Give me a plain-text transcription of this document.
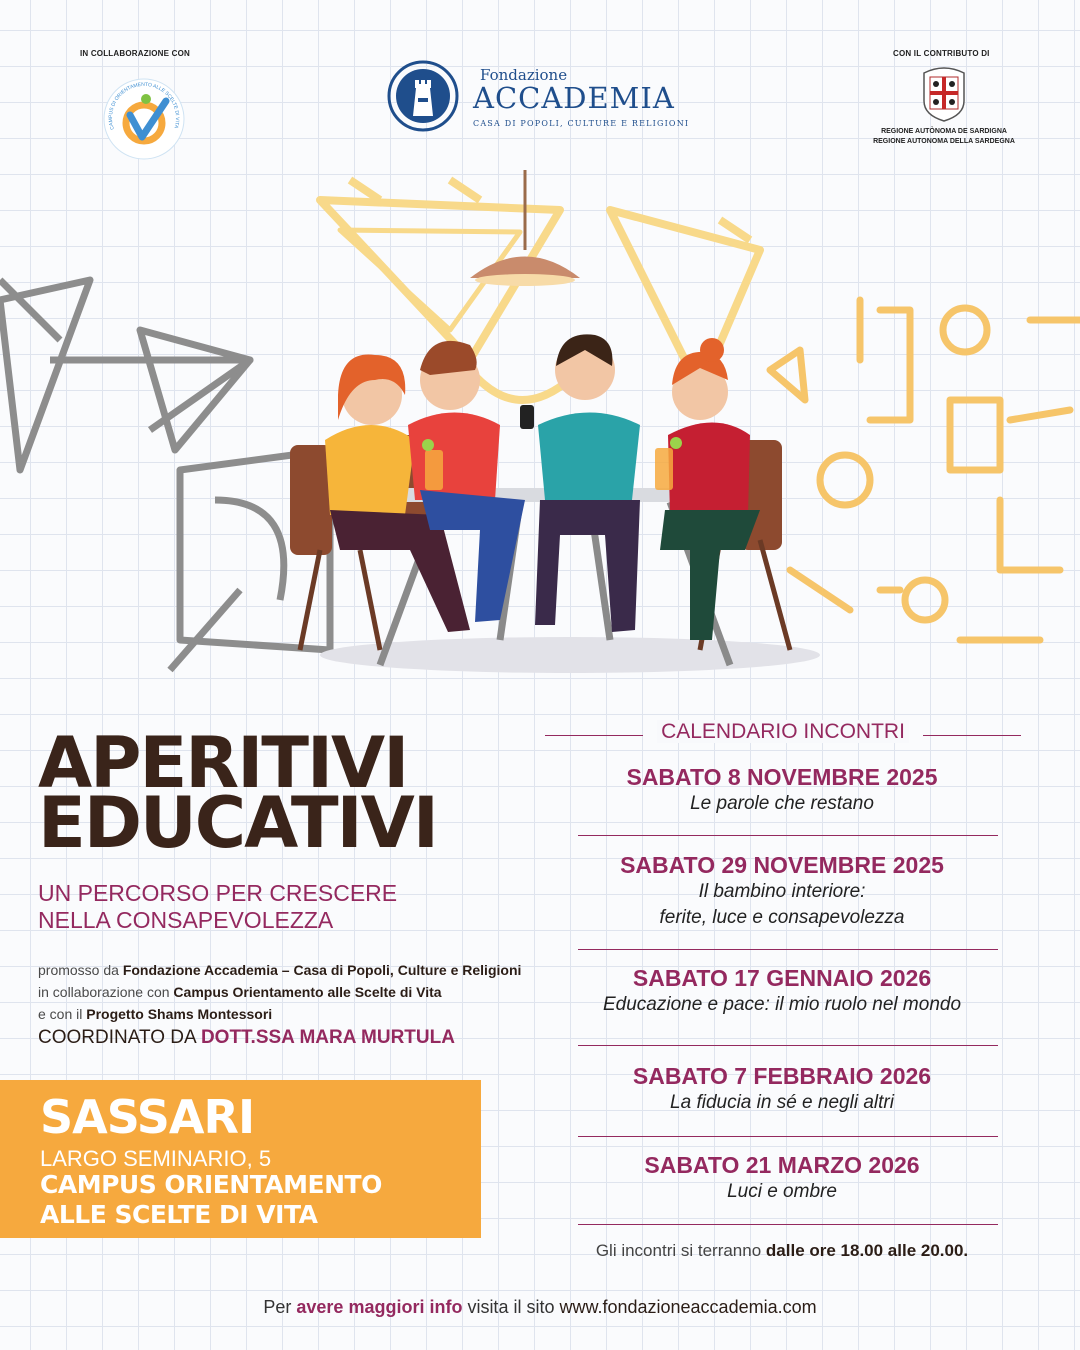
IN COLLABORAZIONE CON	CON IL CONTRIBUTO DI
CAMPUS DI ORIENTAMENTO ALLE SCELTE DI VITA
Fondazione
ACCADEMIA
CASA DI POPOLI, CULTURE E RELIGIONI
REGIONE AUTÒNOMA DE SARDIGNA
REGIONE AUTONOMA DELLA SARDEGNA
APERITIVI
EDUCATIVI
UN PERCORSO PER CRESCERE
NELLA CONSAPEVOLEZZA
promosso da Fondazione Accademia – Casa di Popoli, Culture e Religioni
in collaborazione con Campus Orientamento alle Scelte di Vita
e con il Progetto Shams Montessori
COORDINATO DA DOTT.SSA MARA MURTULA
SASSARI
LARGO SEMINARIO, 5
CAMPUS ORIENTAMENTO
ALLE SCELTE DI VITA
CALENDARIO INCONTRI
SABATO 8 NOVEMBRE 2025
Le parole che restano
SABATO 29 NOVEMBRE 2025
Il bambino interiore:
ferite, luce e consapevolezza
SABATO 17 GENNAIO 2026
Educazione e pace: il mio ruolo nel mondo
SABATO 7 FEBBRAIO 2026
La fiducia in sé e negli altri
SABATO 21 MARZO 2026
Luci e ombre
Gli incontri si terranno dalle ore 18.00 alle 20.00.
Per avere maggiori info visita il sito www.fondazioneaccademia.com
